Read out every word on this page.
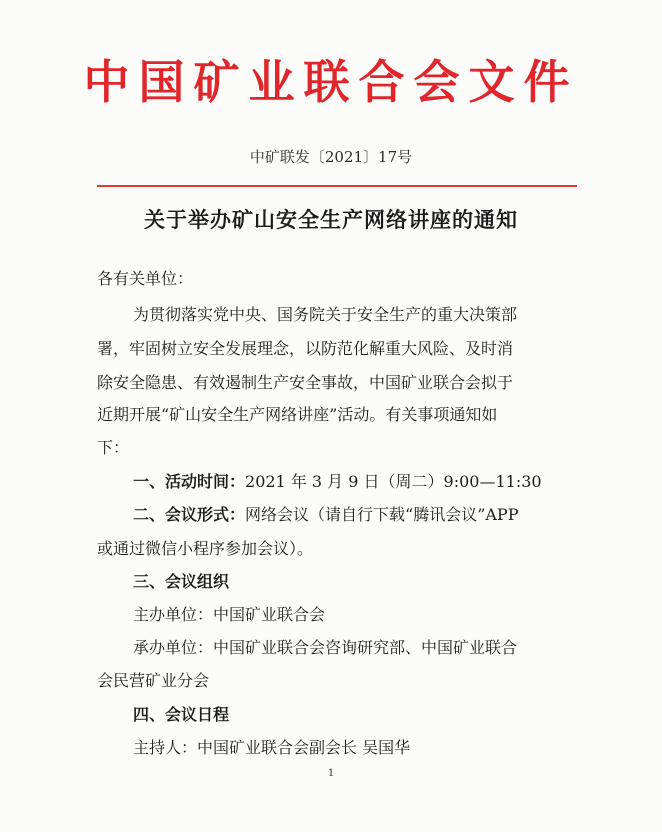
中国矿业联合会文件
中矿联发〔2021〕17号
关于举办矿山安全生产网络讲座的通知
各有关单位：
为贯彻落实党中央、国务院关于安全生产的重大决策部
署，牢固树立安全发展理念，以防范化解重大风险、及时消
除安全隐患、有效遏制生产安全事故，中国矿业联合会拟于
近期开展“矿山安全生产网络讲座”活动。有关事项通知如
下：
一、活动时间：2021 年 3 月 9 日（周二）9:00—11:30
二、会议形式：网络会议（请自行下载“腾讯会议”APP
或通过微信小程序参加会议）。
三、会议组织
主办单位：中国矿业联合会
承办单位：中国矿业联合会咨询研究部、中国矿业联合
会民营矿业分会
四、会议日程
主持人：中国矿业联合会副会长 吴国华
1
